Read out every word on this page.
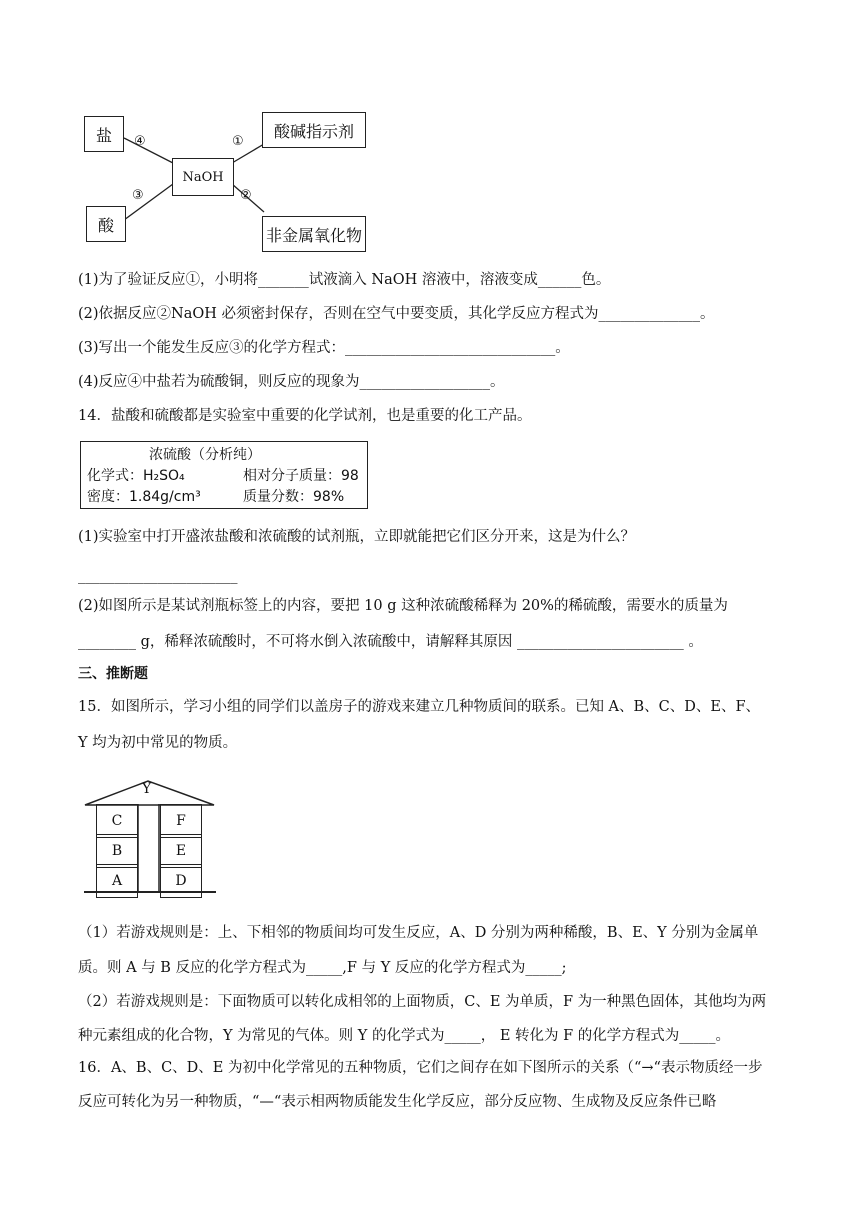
盐
酸
NaOH
酸碱指示剂
非金属氧化物
④	①
③	②
(1)为了验证反应①，小明将_______试液滴入 NaOH 溶液中，溶液变成______色。
(2)依据反应②NaOH 必须密封保存，否则在空气中要变质，其化学反应方程式为______________。
(3)写出一个能发生反应③的化学方程式：_____________________________。
(4)反应④中盐若为硫酸铜，则反应的现象为__________________。
14．盐酸和硫酸都是实验室中重要的化学试剂，也是重要的化工产品。
浓硫酸（分析纯）
化学式：H₂SO₄	相对分子质量：98
密度：1.84g/cm³	质量分数：98%
(1)实验室中打开盛浓盐酸和浓硫酸的试剂瓶，立即就能把它们区分开来，这是为什么？
______________________
(2)如图所示是某试剂瓶标签上的内容，要把 10 g 这种浓硫酸稀释为 20%的稀硫酸，需要水的质量为
________ g，稀释浓硫酸时，不可将水倒入浓硫酸中，请解释其原因 _______________________ 。
三、推断题
15．如图所示，学习小组的同学们以盖房子的游戏来建立几种物质间的联系。已知 A、B、C、D、E、F、
Y 均为初中常见的物质。
Y
C
B
A
F
E
D
（1）若游戏规则是：上、下相邻的物质间均可发生反应，A、D 分别为两种稀酸，B、E、Y 分别为金属单
质。则 A 与 B 反应的化学方程式为_____,F 与 Y 反应的化学方程式为_____;
（2）若游戏规则是：下面物质可以转化成相邻的上面物质，C、E 为单质，F 为一种黑色固体，其他均为两
种元素组成的化合物，Y 为常见的气体。则 Y 的化学式为_____， E 转化为 F 的化学方程式为_____。
16．A、B、C、D、E 为初中化学常见的五种物质，它们之间存在如下图所示的关系（“→“表示物质经一步
反应可转化为另一种物质，“—“表示相两物质能发生化学反应，部分反应物、生成物及反应条件已略
